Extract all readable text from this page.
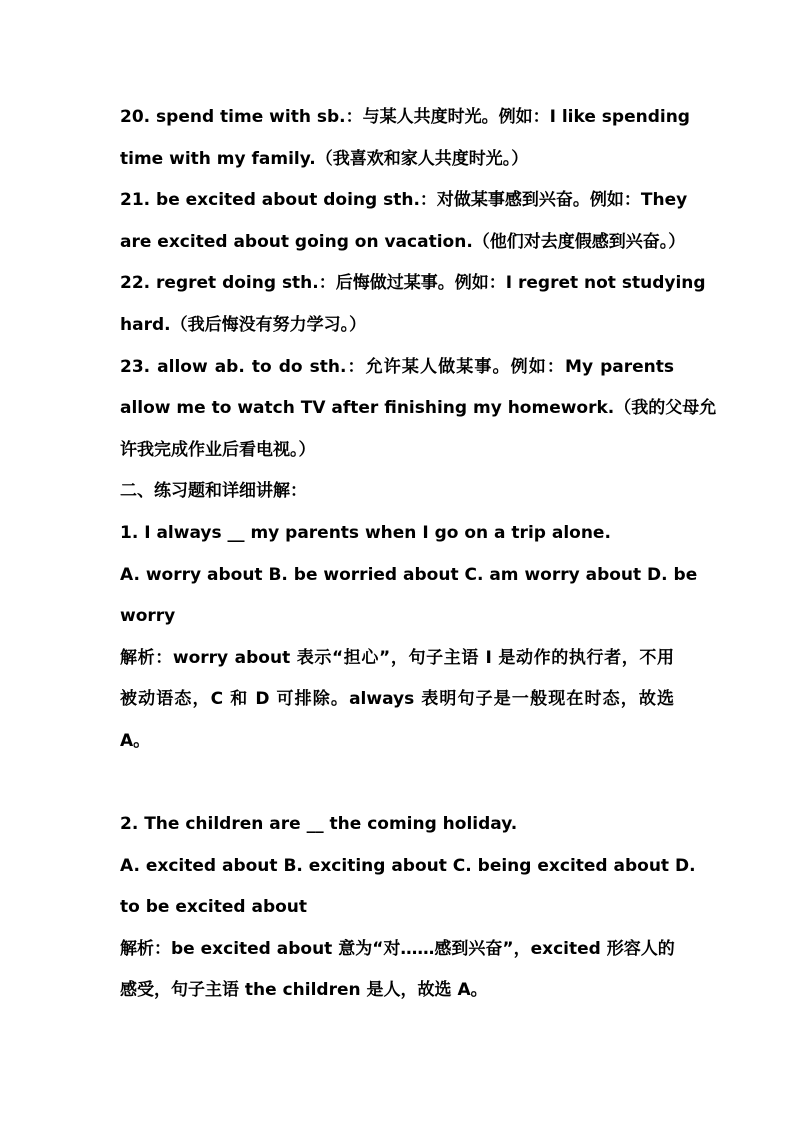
20. spend time with sb.：与某人共度时光。例如：I like spending
time with my family.（我喜欢和家人共度时光。）
21. be excited about doing sth.：对做某事感到兴奋。例如：They
are excited about going on vacation.（他们对去度假感到兴奋。）
22. regret doing sth.：后悔做过某事。例如：I regret not studying
hard.（我后悔没有努力学习。）
23. allow ab. to do sth.：允许某人做某事。例如：My parents
allow me to watch TV after finishing my homework.（我的父母允
许我完成作业后看电视。）
二、练习题和详细讲解：
1. I always __ my parents when I go on a trip alone.
A. worry about B. be worried about C. am worry about D. be
worry
解析：worry about 表示“担心”，句子主语 I 是动作的执行者，不用
被动语态，C 和 D 可排除。always 表明句子是一般现在时态，故选
A。
2. The children are __ the coming holiday.
A. excited about B. exciting about C. being excited about D.
to be excited about
解析：be excited about 意为“对……感到兴奋”，excited 形容人的
感受，句子主语 the children 是人，故选 A。
